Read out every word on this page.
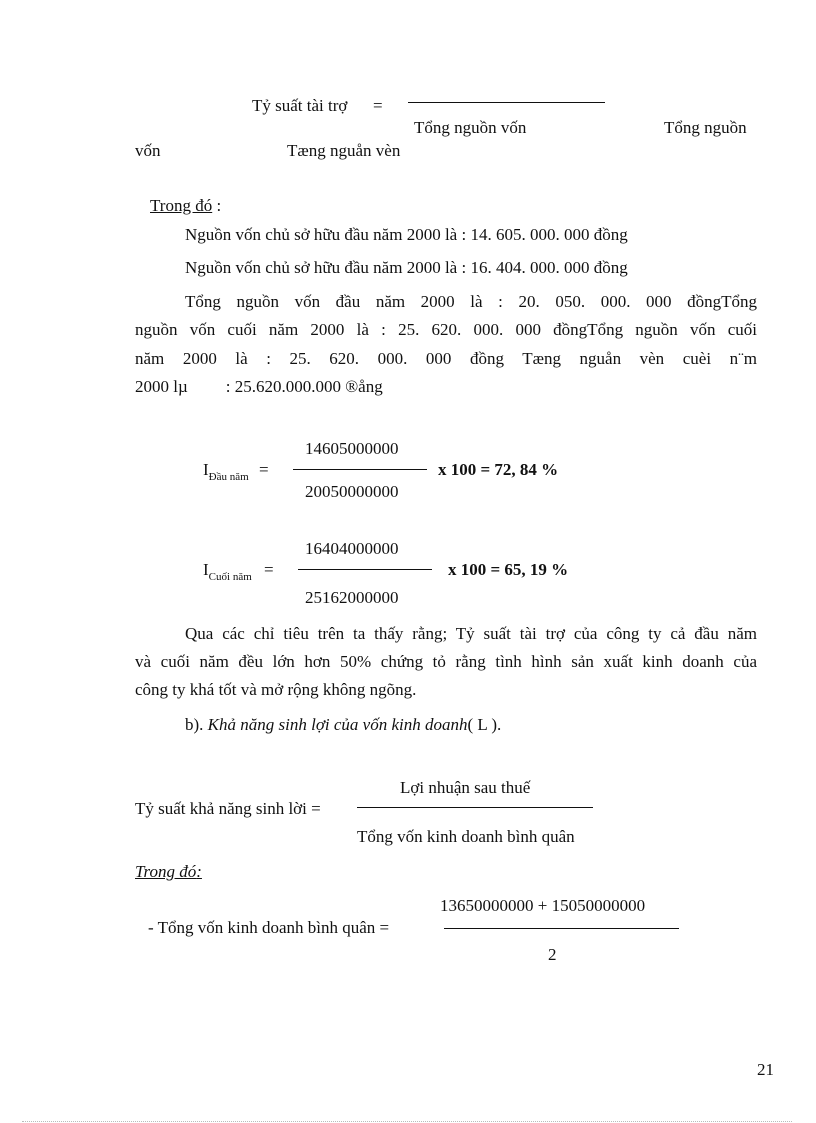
Tỷ suất tài trợ =
Tổng nguồn vốn	Tổng nguồn
vốn	Tæng nguån vèn
Trong đó :
Nguồn vốn chủ sở hữu đầu năm 2000 là : 14. 605. 000. 000 đồng
Nguồn vốn chủ sở hữu đầu năm 2000 là : 16. 404. 000. 000 đồng
Tổng nguồn vốn đầu năm 2000 là : 20. 050. 000. 000 đồngTổng
nguồn vốn cuối năm 2000 là : 25. 620. 000. 000 đồngTổng nguồn vốn cuối
năm 2000 là : 25. 620. 000. 000 đồng Tæng nguån vèn cuèi n¨m
2000 lµ : 25.620.000.000 ®ång
14605000000
$I_{Đầu năm}$ =	x 100 = 72, 84 %
20050000000
16404000000
$I_{Cuối năm}$ =	x 100 = 65, 19 %
25162000000
Qua các chỉ tiêu trên ta thấy rằng; Tỷ suất tài trợ của công ty cả đầu năm
và cuối năm đều lớn hơn 50% chứng tỏ rằng tình hình sản xuất kinh doanh của
công ty khá tốt và mở rộng không ngõng.
b). Khả năng sinh lợi của vốn kinh doanh( L ).
Lợi nhuận sau thuế
Tỷ suất khả năng sinh lời =
Tổng vốn kinh doanh bình quân
Trong đó:
13650000000 + 15050000000
- Tổng vốn kinh doanh bình quân =
2
21
